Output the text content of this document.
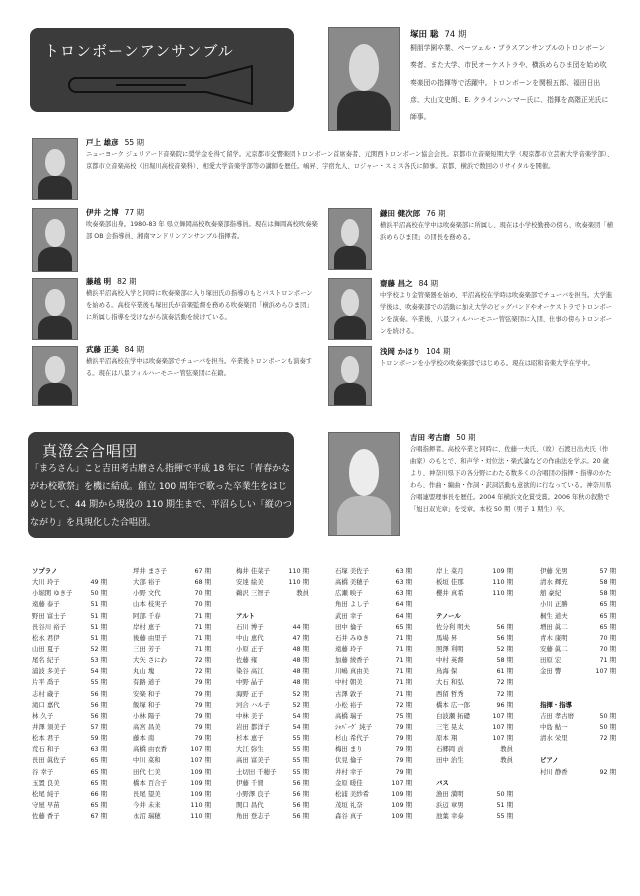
トロンボーンアンサンブル
塚田 聡 74 期
桐朋学園卒業、ペーツェル・ブラスアンサンブルのトロンボーン奏者、また大学、市民オーケストラや、横浜めらひま団を始め吹奏楽団の指揮等で活躍中。トロンボーンを関根五郎、福田日出彦、大山文史朗、E. クラインハンマー氏に、指揮を高階正光氏に師事。
戸上 雄彦 55 期
ニューヨーク ジュリアード音楽院に奨学金を得て留学。元京都市交響楽団トロンボーン首席奏者、元関西トロンボーン協会会長。京都市立音楽短期大学（現京都市立芸術大学音楽学部）、京都市立音楽高校（旧堀川高校音楽科）、相愛大学音楽学部等の講師を歴任。嶋昇、宇宿允人、ロジャー・スミス各氏に師事。京都、横浜で数回のリサイタルを開催。
伊井 之博 77 期
吹奏楽部出身。1980-83 年 県立舞岡高校吹奏楽部指導員。現在は舞岡高校吹奏楽部 OB 会指導員、湘南マンドリンアンサンブル指揮者。
鎌田 健次郎 76 期
横浜平沼高校在学中は吹奏楽部に所属し、現在は小学校勤務の傍ら、吹奏楽団「横浜めらひま団」の団長を務める。
藤越 明 82 期
横浜平沼高校入学と同時に吹奏楽部に入り塚田氏の指導のもとバストロンボーンを始める。高校卒業後も塚田氏が音楽監督を務める吹奏楽団「横浜めらひま団」に所属し指導を受けながら演奏活動を続けている。
齋藤 昌之 84 期
中学校より金管楽器を始め、平沼高校在学時は吹奏楽部でチューバを担当。大学進学後は、吹奏楽部での活動に加え大学のビッグバンドやオーケストラでトロンボーンを演奏。卒業後、八景フィルハーモニー管弦楽団に入団、仕事の傍らトロンボーンを続ける。
武藤 正美 84 期
横浜平沼高校在学中は吹奏楽部でチューバを担当。卒業後トロンボーンも演奏する。現在は八景フィルハーモニー管弦楽団に在籍。
浅岡 かほり 104 期
トロンボーンを小学校の吹奏楽部ではじめる。現在は昭和音楽大学在学中。
真澄会合唱団
「まろさん」こと吉田考古磨さん指揮で平成 18 年に「青春かながわ校歌祭」を機に結成。創立 100 周年で歌った卒業生をはじめとして、44 期から現役の 110 期生まで、平沼らしい「縦のつながり」を具現化した合唱団。
吉田 考古磨 50 期
合唱指揮者。高校卒業と同時に、佐藤一夫氏、（故）石渡日出夫氏（作曲家）のもとで、和声学・対位法・楽式論などの作曲法を学ぶ。20 歳より、神奈川県下の各分野にわたる数多くの合唱団の指揮・指導のかたわら、作曲・編曲・作詞・訳詞活動も意欲的に行なっている。神奈川県合唱連盟理事長を歴任。2004 年横浜文化賞受賞。2006 年秋の叙勲で「旭日双光章」を受章。本校 50 期（男子 1 期生）卒。
ソプラノ
大川 玲子	49 期
小堀関 ゆき子	50 期
遠藤 泰子	51 期
野田 富士子	51 期
長谷川 裕子	51 期
松永 君伊	51 期
山田 夏子	52 期
尾名 紀子	53 期
浦波 多美子	54 期
片平 喬子	55 期
志村 蔵子	56 期
滝口 嘉代	56 期
林 久子	56 期
井澤 須美子	57 期
松本 君子	59 期
荒石 和子	63 期
長田 眞佐子	65 期
谷 幸子	65 期
玉置 良美	65 期
松尾 純子	66 期
守屋 早苗	65 期
佐藤 香子	67 期
坪井 まさ子	67 期
大部 裕子	68 期
小野 文代	70 期
山本 枝実子	70 期
阿部 千春	71 期
岸村 恵子	71 期
後藤 由里子	71 期
三田 芳子	71 期
大矢 さにわ	72 期
丸山 塊	72 期
有路 道子	79 期
安楽 和子	79 期
飯塚 和子	79 期
小林 陽子	79 期
高宮 昌美	79 期
藤本 南	79 期
高橋 由衣香	107 期
中川 菜和	107 期
田代 仁美	109 期
橋本 百合子	109 期
長尾 望美	109 期
今井 未来	110 期
永沼 瑞穂	110 期
梅井 佳菜子	110 期
安達 絵美	110 期
鵜沢 三智子	教員
アルト
石川 博子	44 期
中山 恵代	47 期
小原 正子	48 期
佐藤 雍	48 期
染谷 高江	48 期
中野 晶子	48 期
海野 正子	52 期
河合 ハル子	52 期
中林 美子	54 期
岩田 都洋子	54 期
杉本 恵子	55 期
大江 弥生	55 期
高田 富美子	55 期
土切田 千穂子	55 期
伊藤 千賀	56 期
小野澤 良子	56 期
関口 昌代	56 期
角田 登志子	56 期
石塚 美佐子	63 期
高橋 美穂子	63 期
広瀬 映子	63 期
角田 よし子	64 期
武田 幸子	64 期
田中 倫子	65 期
石井 みゆき	71 期
遠藤 玲子	71 期
加藤 綾香子	71 期
川嶋 真由美	71 期
中村 朝美	71 期
古澤 敦子	71 期
小松 裕子	72 期
高橋 瑞子	75 期
ｼｬﾊﾞｰｸﾞ 純子	79 期
杉山 希代子	79 期
梅田 まり	79 期
伏見 倫子	79 期
井村 幸子	79 期
金原 暖佳	107 期
松浦 美紗希	109 期
茂垣 礼奈	109 期
森谷 真子	109 期
岸上 菜月	109 期
板垣 佳那	110 期
櫻井 真希	110 期
テノール
佐分利 明夫	56 期
馬場 昇	56 期
照澤 利明	52 期
中村 英督	58 期
鳥海 保	61 期
大石 和弘	72 期
西留 哲秀	72 期
橋本 広一郎	96 期
白波瀬 拓礎	107 期
三宅 晃太	107 期
原本 翔	107 期
石郷岡 貢	教員
田中 治生	教員
バス
漁田 満明	50 期
浜辺 章男	51 期
池葉 幸泰	55 期
伊藤 光男	57 期
清水 輝充	58 期
舘 豪紀	58 期
小川 正勝	65 期
桐生 道夫	65 期
増田 眞二	65 期
青木 康明	70 期
安藤 眞二	70 期
田原 宏	71 期
金田 響	107 期
指揮・指導
吉田 孝古磨	50 期
中島 鮎一	50 期
清水 栄里	72 期
ピアノ
村川 静香	92 期
